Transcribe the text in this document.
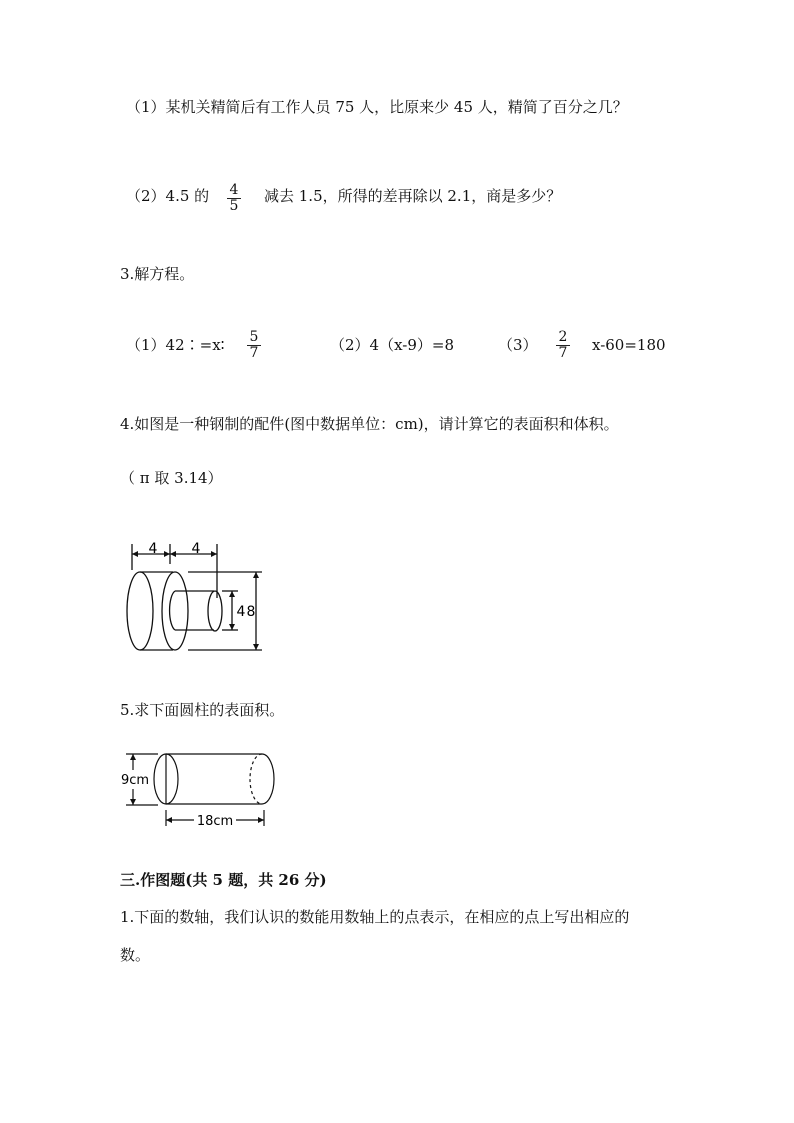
（1）某机关精简后有工作人员 75 人，比原来少 45 人，精简了百分之几？
（2）4.5 的 $\frac{4}{5}$ 减去 1.5，所得的差再除以 2.1，商是多少？
3.解方程。
（1）42∶=x∶ $\frac{5}{7}$	（2）4（x-9）=8	$(3) \frac{2}{7} x-60=180$
4.如图是一种钢制的配件(图中数据单位：cm)，请计算它的表面积和体积。
（ π 取 3.14）
4 4
4 8
5.求下面圆柱的表面积。
9cm
18cm
三.作图题(共 5 题，共 26 分)
1.下面的数轴，我们认识的数能用数轴上的点表示，在相应的点上写出相应的
数。
